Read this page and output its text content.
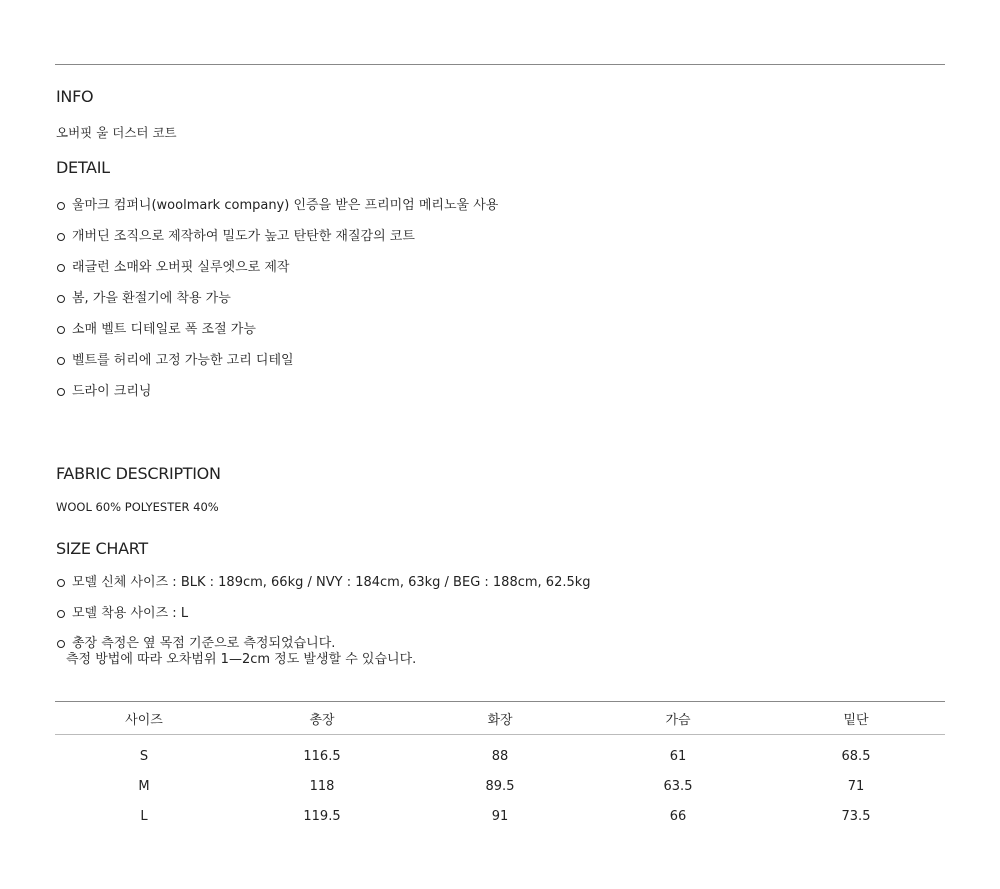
INFO
오버핏 울 더스터 코트
DETAIL
울마크 컴퍼니(woolmark company) 인증을 받은 프리미엄 메리노울 사용
개버딘 조직으로 제작하여 밀도가 높고 탄탄한 재질감의 코트
래글런 소매와 오버핏 실루엣으로 제작
봄, 가을 환절기에 착용 가능
소매 벨트 디테일로 폭 조절 가능
벨트를 허리에 고정 가능한 고리 디테일
드라이 크리닝
FABRIC DESCRIPTION
WOOL 60% POLYESTER 40%
SIZE CHART
모델 신체 사이즈 : BLK : 189cm, 66kg / NVY : 184cm, 63kg / BEG : 188cm, 62.5kg
모델 착용 사이즈 : L
총장 측정은 옆 목점 기준으로 측정되었습니다.
측정 방법에 따라 오차범위 1—2cm 정도 발생할 수 있습니다.
사이즈	총장	화장	가슴	밑단
S	116.5	88	61	68.5
M	118	89.5	63.5	71
L	119.5	91	66	73.5
